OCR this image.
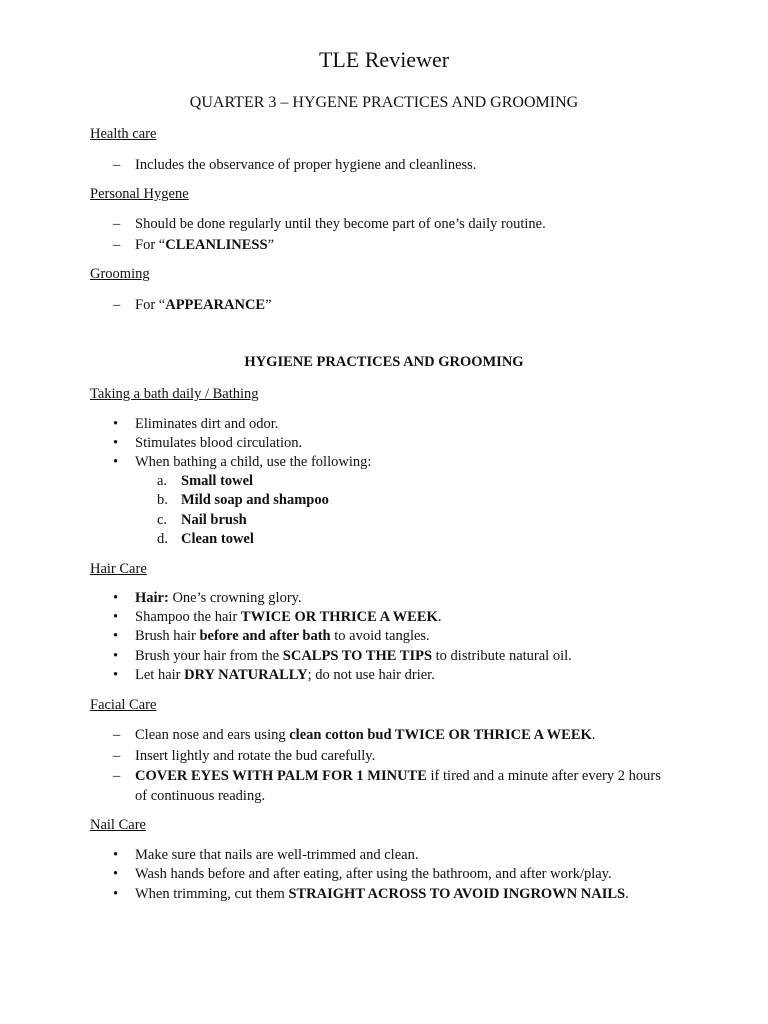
TLE Reviewer
QUARTER 3 – HYGENE PRACTICES AND GROOMING
Health care
– Includes the observance of proper hygiene and cleanliness.
Personal Hygene
– Should be done regularly until they become part of one’s daily routine.
– For “CLEANLINESS”
Grooming
– For “APPEARANCE”
HYGIENE PRACTICES AND GROOMING
Taking a bath daily / Bathing
• Eliminates dirt and odor.
• Stimulates blood circulation.
• When bathing a child, use the following:
a. Small towel
b. Mild soap and shampoo
c. Nail brush
d. Clean towel
Hair Care
• Hair: One’s crowning glory.
• Shampoo the hair TWICE OR THRICE A WEEK.
• Brush hair before and after bath to avoid tangles.
• Brush your hair from the SCALPS TO THE TIPS to distribute natural oil.
• Let hair DRY NATURALLY; do not use hair drier.
Facial Care
– Clean nose and ears using clean cotton bud TWICE OR THRICE A WEEK.
– Insert lightly and rotate the bud carefully.
– COVER EYES WITH PALM FOR 1 MINUTE if tired and a minute after every 2 hours
of continuous reading.
Nail Care
• Make sure that nails are well-trimmed and clean.
• Wash hands before and after eating, after using the bathroom, and after work/play.
• When trimming, cut them STRAIGHT ACROSS TO AVOID INGROWN NAILS.
